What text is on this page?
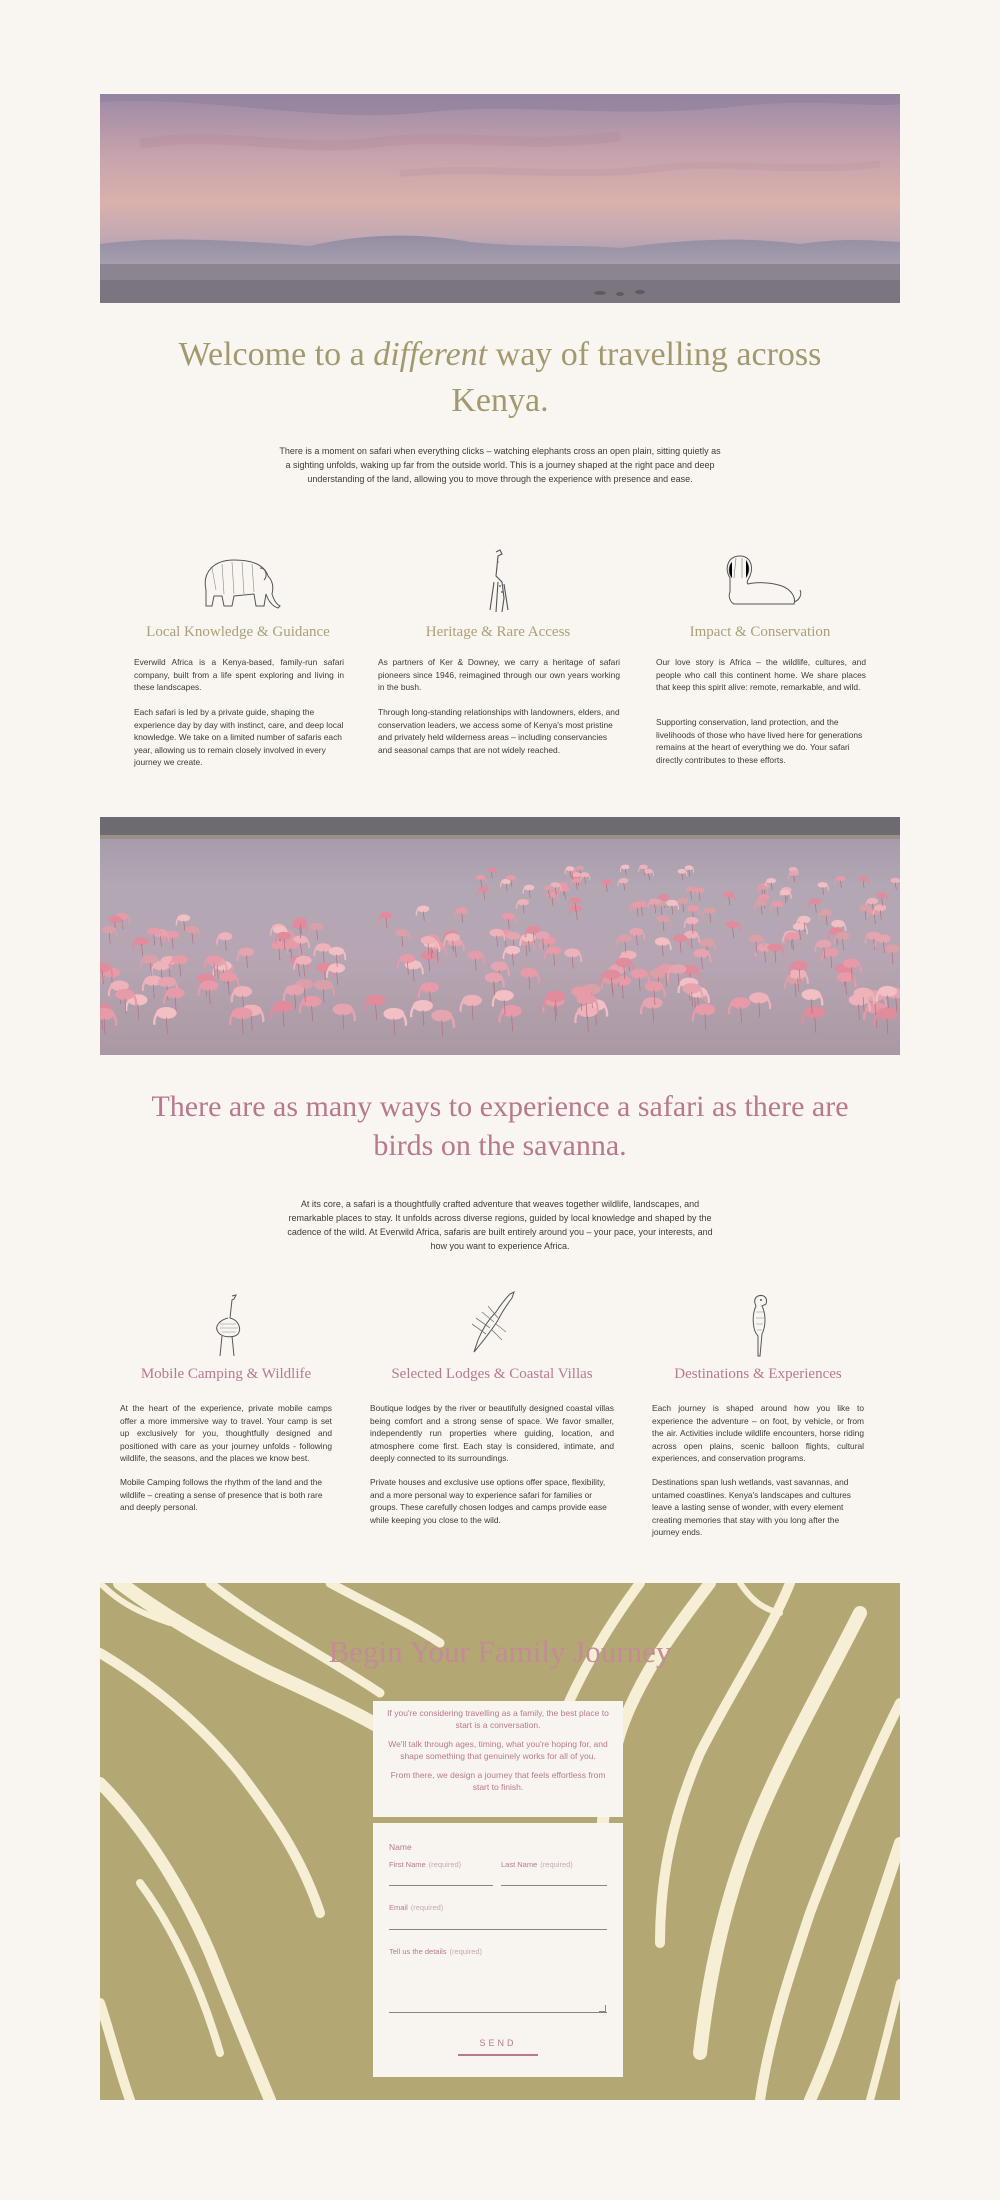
Welcome to a different way of travelling across Kenya.

There is a moment on safari when everything clicks – watching elephants cross an open plain, sitting quietly as a sighting unfolds, waking up far from the outside world. This is a journey shaped at the right pace and deep understanding of the land, allowing you to move through the experience with presence and ease.

Local Knowledge & Guidance

Everwild Africa is a Kenya-based, family-run safari company, built from a life spent exploring and living in these landscapes.

Each safari is led by a private guide, shaping the experience day by day with instinct, care, and deep local knowledge. We take on a limited number of safaris each year, allowing us to remain closely involved in every journey we create.

Heritage & Rare Access

As partners of Ker & Downey, we carry a heritage of safari pioneers since 1946, reimagined through our own years working in the bush.

Through long-standing relationships with landowners, elders, and conservation leaders, we access some of Kenya's most pristine and privately held wilderness areas – including conservancies and seasonal camps that are not widely reached.

Impact & Conservation

Our love story is Africa – the wildlife, cultures, and people who call this continent home. We share places that keep this spirit alive: remote, remarkable, and wild.

Supporting conservation, land protection, and the livelihoods of those who have lived here for generations remains at the heart of everything we do. Your safari directly contributes to these efforts.

There are as many ways to experience a safari as there are birds on the savanna.

At its core, a safari is a thoughtfully crafted adventure that weaves together wildlife, landscapes, and remarkable places to stay. It unfolds across diverse regions, guided by local knowledge and shaped by the cadence of the wild. At Everwild Africa, safaris are built entirely around you – your pace, your interests, and how you want to experience Africa.

Mobile Camping & Wildlife

At the heart of the experience, private mobile camps offer a more immersive way to travel. Your camp is set up exclusively for you, thoughtfully designed and positioned with care as your journey unfolds - following wildlife, the seasons, and the places we know best.

Mobile Camping follows the rhythm of the land and the wildlife – creating a sense of presence that is both rare and deeply personal.

Selected Lodges & Coastal Villas

Boutique lodges by the river or beautifully designed coastal villas being comfort and a strong sense of space. We favor smaller, independently run properties where guiding, location, and atmosphere come first. Each stay is considered, intimate, and deeply connected to its surroundings.

Private houses and exclusive use options offer space, flexibility, and a more personal way to experience safari for families or groups. These carefully chosen lodges and camps provide ease while keeping you close to the wild.

Destinations & Experiences

Each journey is shaped around how you like to experience the adventure – on foot, by vehicle, or from the air. Activities include wildlife encounters, horse riding across open plains, scenic balloon flights, cultural experiences, and conservation programs.

Destinations span lush wetlands, vast savannas, and untamed coastlines. Kenya's landscapes and cultures leave a lasting sense of wonder, with every element creating memories that stay with you long after the journey ends.

Begin Your Family Journey

If you're considering travelling as a family, the best place to start is a conversation.

We'll talk through ages, timing, what you're hoping for, and shape something that genuinely works for all of you.

From there, we design a journey that feels effortless from start to finish.

Name
First Name (required)	Last Name (required)
Email (required)
Tell us the details (required)
SEND
